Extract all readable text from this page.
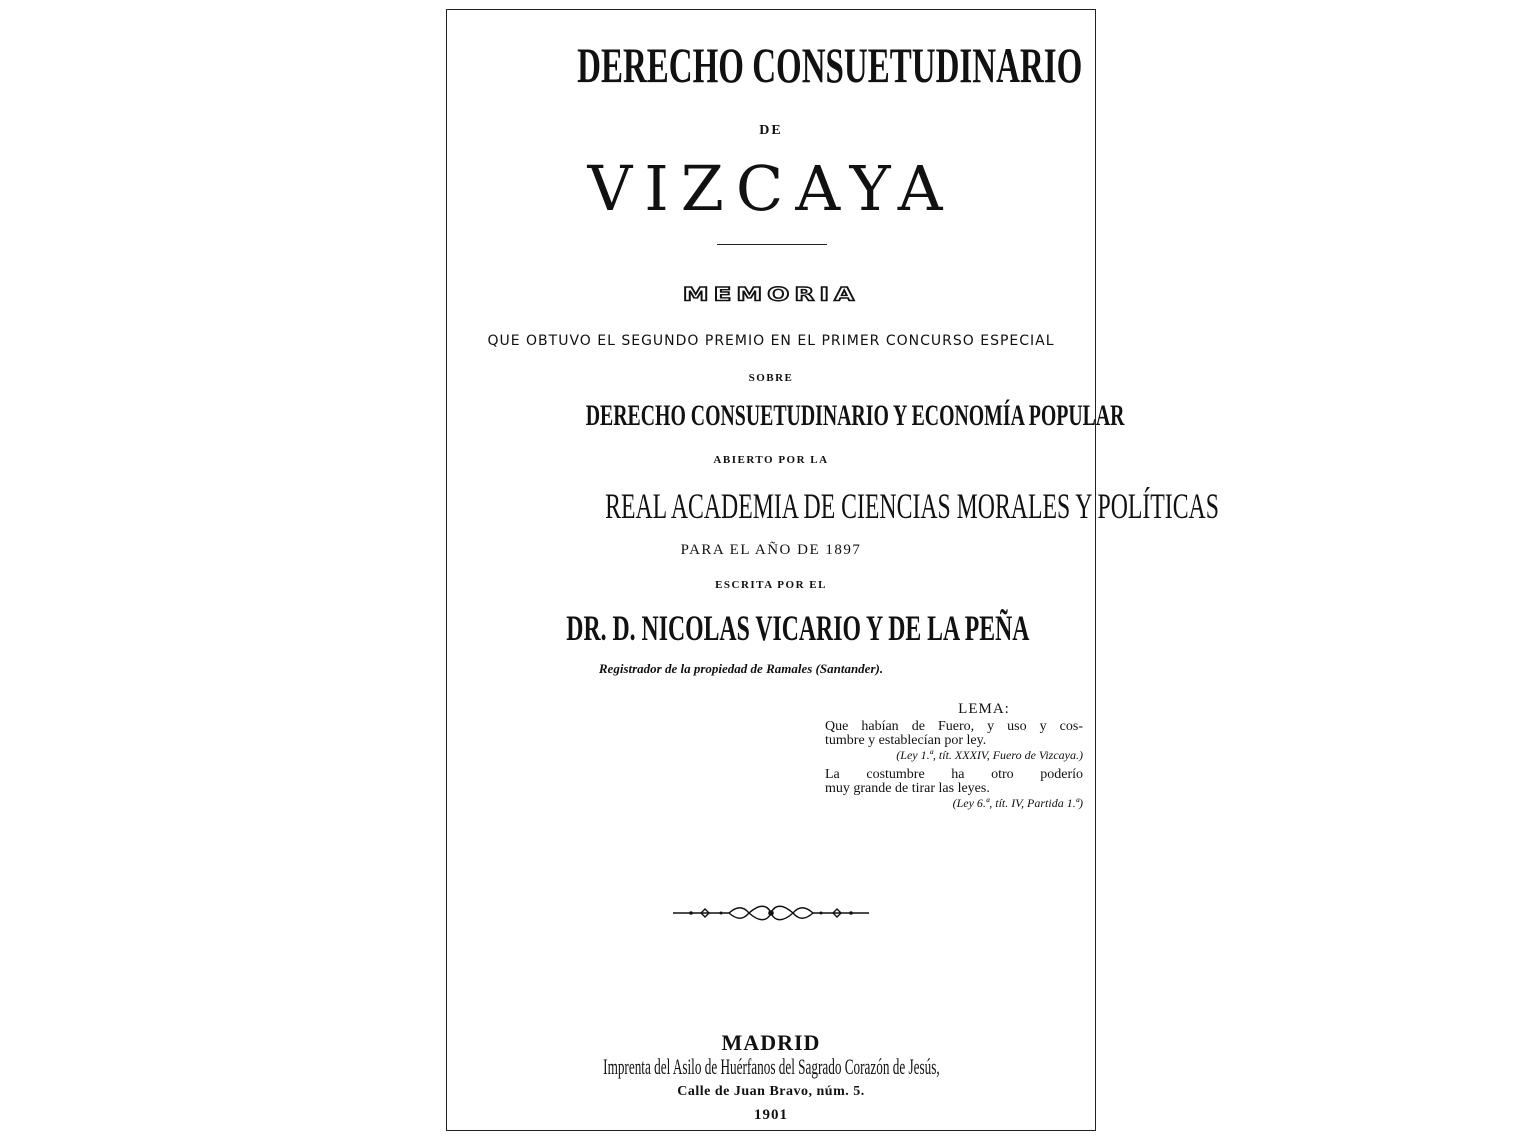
DERECHO CONSUETUDINARIO
DE
VIZCAYA
MEMORIA
QUE OBTUVO EL SEGUNDO PREMIO EN EL PRIMER CONCURSO ESPECIAL
SOBRE
DERECHO CONSUETUDINARIO Y ECONOMÍA POPULAR
ABIERTO POR LA
REAL ACADEMIA DE CIENCIAS MORALES Y POLÍTICAS
PARA EL AÑO DE 1897
ESCRITA POR EL
DR. D. NICOLAS VICARIO Y DE LA PEÑA
Registrador de la propiedad de Ramales (Santander).
LEMA:
Que habían de Fuero, y uso y cos-
tumbre y establecían por ley.
(Ley 1.ª, tít. XXXIV, Fuero de Vizcaya.)
La costumbre ha otro poderío
muy grande de tirar las leyes.
(Ley 6.ª, tít. IV, Partida 1.ª)
MADRID
Imprenta del Asilo de Huérfanos del Sagrado Corazón de Jesús,
Calle de Juan Bravo, núm. 5.
1901
